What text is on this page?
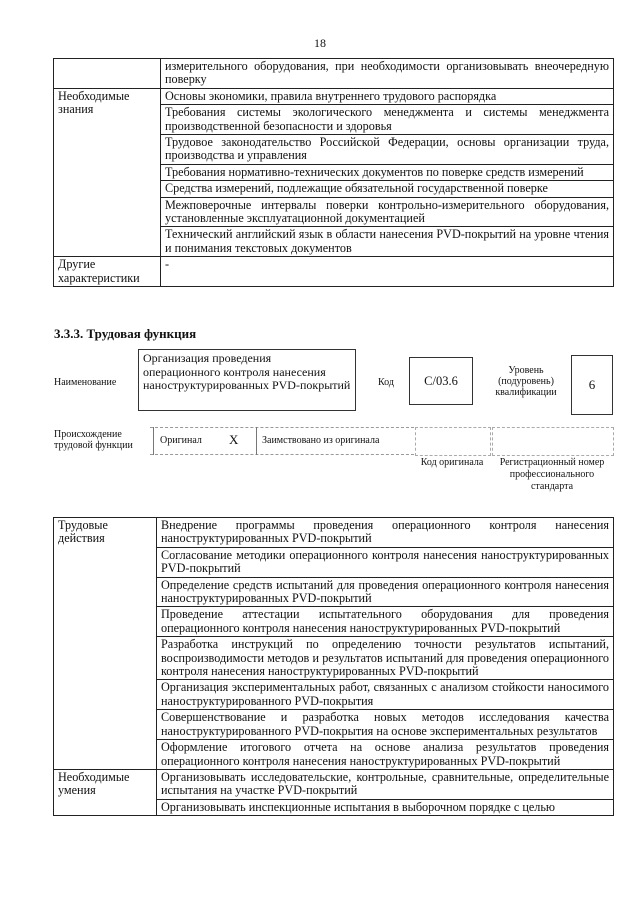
18
	измерительного оборудования, при необходимости организовывать внеочередную поверку
Необходимые знания	Основы экономики, правила внутреннего трудового распорядка
	Требования системы экологического менеджмента и системы менеджмента производственной безопасности и здоровья
	Трудовое законодательство Российской Федерации, основы организации труда, производства и управления
	Требования нормативно-технических документов по поверке средств измерений
	Средства измерений, подлежащие обязательной государственной поверке
	Межповерочные интервалы поверки контрольно-измерительного оборудования, установленные эксплуатационной документацией
	Технический английский язык в области нанесения PVD-покрытий на уровне чтения и понимания текстовых документов
Другие характеристики	-
3.3.3. Трудовая функция
Наименование
Организация проведения операционного контроля нанесения наноструктурированных PVD-покрытий	Код	C/03.6
Уровень (подуровень) квалификации
6
Происхождение трудовой функции	Оригинал X Заимствовано из оригинала
Код оригинала	Регистрационный номер профессионального стандарта
Трудовые действия	Внедрение программы проведения операционного контроля нанесения наноструктурированных PVD-покрытий
	Согласование методики операционного контроля нанесения наноструктурированных PVD-покрытий
	Определение средств испытаний для проведения операционного контроля нанесения наноструктурированных PVD-покрытий
	Проведение аттестации испытательного оборудования для проведения операционного контроля нанесения наноструктурированных PVD-покрытий
	Разработка инструкций по определению точности результатов испытаний, воспроизводимости методов и результатов испытаний для проведения операционного контроля нанесения наноструктурированных PVD-покрытий
	Организация экспериментальных работ, связанных с анализом стойкости наносимого наноструктурированного PVD-покрытия
	Совершенствование и разработка новых методов исследования качества наноструктурированного PVD-покрытия на основе экспериментальных результатов
	Оформление итогового отчета на основе анализа результатов проведения операционного контроля нанесения наноструктурированных PVD-покрытий
Необходимые умения	Организовывать исследовательские, контрольные, сравнительные, определительные испытания на участке PVD-покрытий
	Организовывать инспекционные испытания в выборочном порядке с целью
